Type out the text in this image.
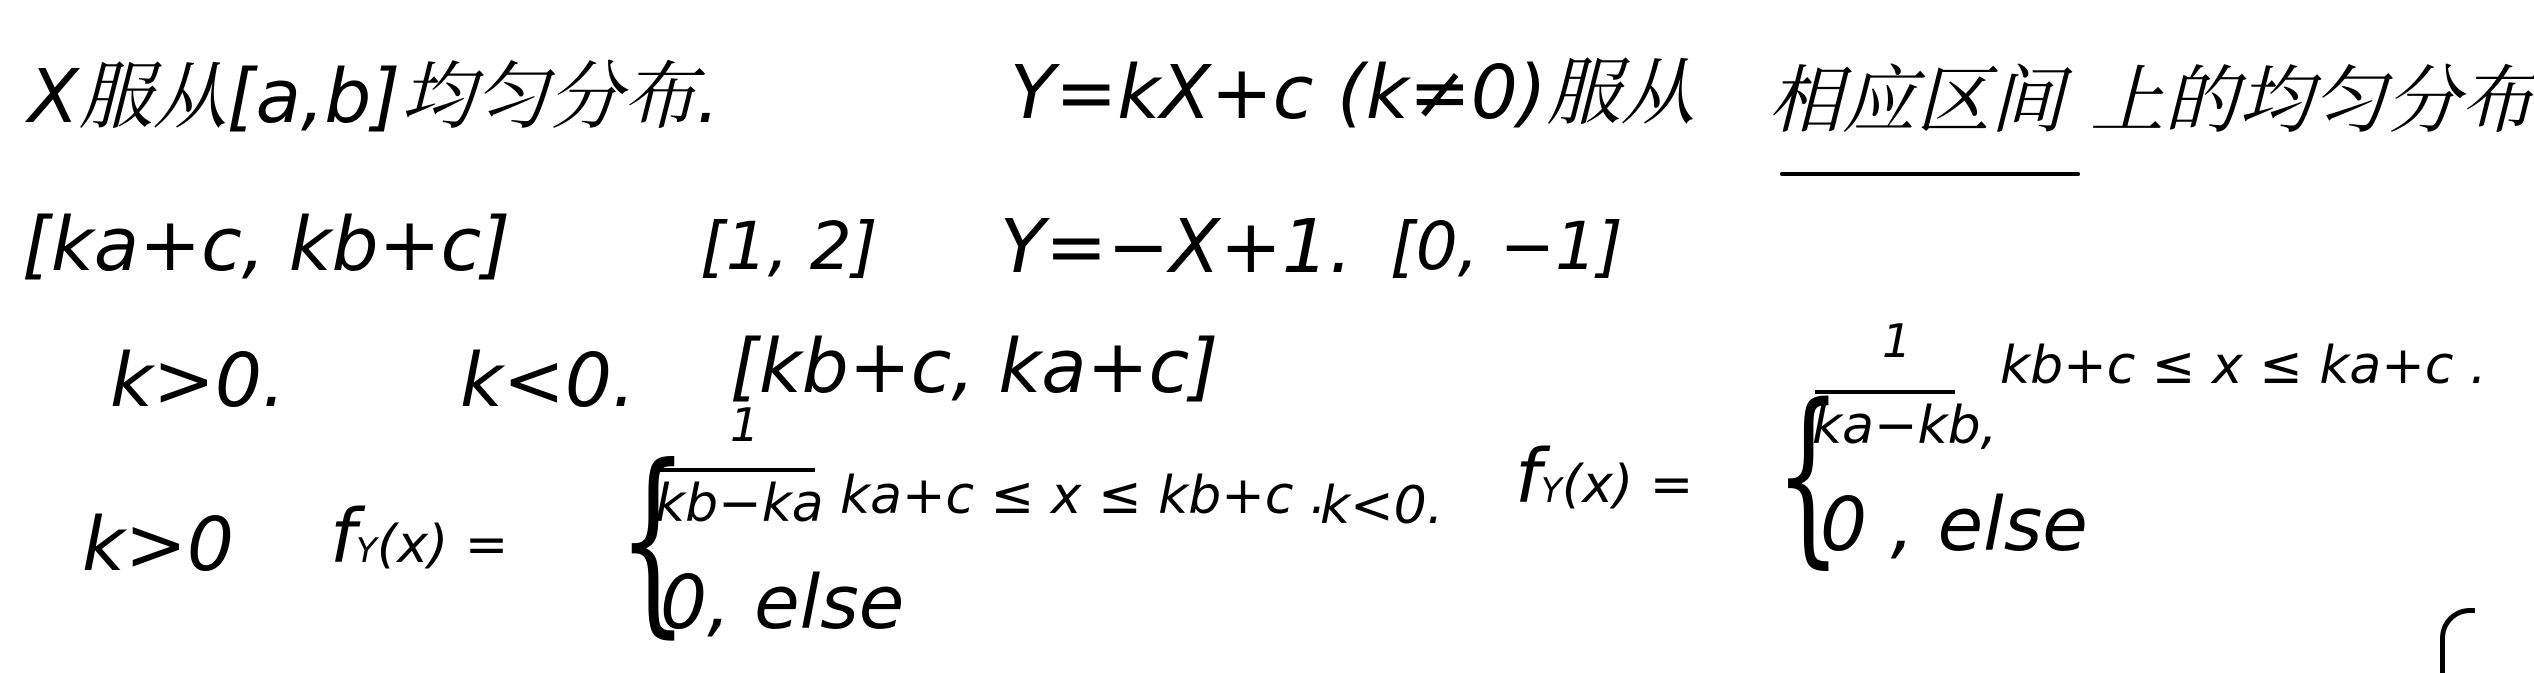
X服从[a,b]均匀分布.	Y=kX+c (k≠0)服从 相应区间 上的均匀分布
[ka+c, kb+c]	[1, 2] Y=−X+1. [0, −1]
k>0. k<0. [kb+c, ka+c]
k>0 fY(x) = { 1
kb−ka ka+c ≤ x ≤ kb+c .
0, else
k<0. fY(x) = {
1
ka−kb,
kb+c ≤ x ≤ ka+c .
0 , else
